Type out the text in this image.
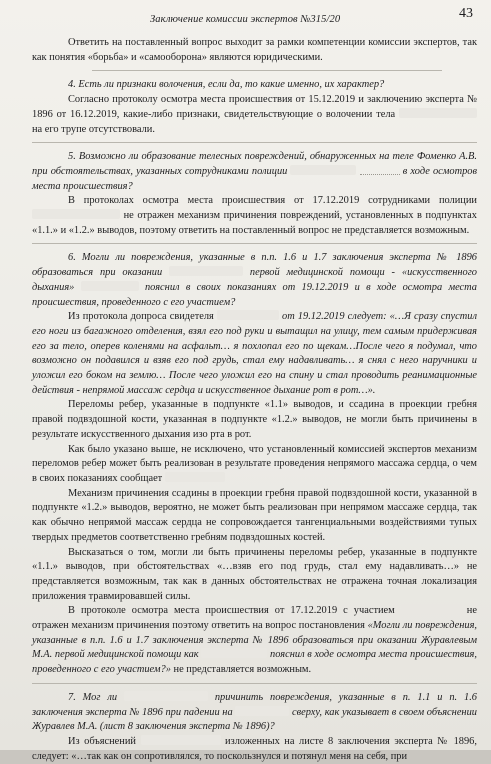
Заключение комиссии экспертов №315/20	43

Ответить на поставленный вопрос выходит за рамки компетенции комиссии экспертов, так как понятия «борьба» и «самооборона» являются юридическими.

4. Есть ли признаки волочения, если да, то какие именно, их характер?

Согласно протоколу осмотра места происшествия от 15.12.2019 и заключению эксперта № 1896 от 16.12.2019, какие-либо признаки, свидетельствующие о волочении тела  на его трупе отсутствовали.

5. Возможно ли образование телесных повреждений, обнаруженных на теле Фоменко А.В. при обстоятельствах, указанных сотрудниками полиции	в ходе осмотров места происшествия?

В протоколах осмотра места происшествия от 17.12.2019 сотрудниками полиции  не отражен механизм причинения повреждений, установленных в подпунктах «1.1.» и «1.2.» выводов, поэтому ответить на поставленный вопрос не представляется возможным.

6. Могли ли повреждения, указанные в п.п. 1.6 и 1.7 заключения эксперта № 1896 образоваться при оказании	первой медицинской помощи - «искусственного дыхания»	пояснил в своих показаниях от 19.12.2019 и в ходе осмотра места происшествия, проведенного с его участием?

Из протокола допроса свидетеля	от 19.12.2019 следует: «…Я сразу спустил его ноги из багажного отделения, взял его под руки и вытащил на улицу, тем самым придерживая его за тело, оперев коленями на асфальт… я похлопал его по щекам…После чего я подумал, что возможно он подавился и взяв его под грудь, стал ему надавливать… я снял с него наручники и уложил его боком на землю… После чего уложил его на спину и стал проводить реанимационные действия - непрямой массаж сердца и искусственное дыхание рот в рот…».

Переломы ребер, указанные в подпункте «1.1» выводов, и ссадина в проекции гребня правой подвздошной кости, указанная в подпункте «1.2.» выводов, не могли быть причинены в результате искусственного дыхания изо рта в рот.

Как было указано выше, не исключено, что установленный комиссией экспертов механизм переломов ребер может быть реализован в результате проведения непрямого массажа сердца, о чем в своих показаниях сообщает

Механизм причинения ссадины в проекции гребня правой подвздошной кости, указанной в подпункте «1.2.» выводов, вероятно, не может быть реализован при непрямом массаже сердца, так как обычно непрямой массаж сердца не сопровождается тангенциальными воздействиями тупых твердых предметов соответственно гребням подвздошных костей.

Высказаться о том, могли ли быть причинены переломы ребер, указанные в подпункте «1.1.» выводов, при обстоятельствах «…взяв его под грудь, стал ему надавливать…» не представляется возможным, так как в данных обстоятельствах не отражена точная локализация приложения травмировавшей силы.

В протоколе осмотра места происшествия от 17.12.2019 с участием	не отражен механизм причинения поэтому ответить на вопрос постановления «Могли ли повреждения, указанные в п.п. 1.6 и 1.7 заключения эксперта № 1896 образоваться при оказании Журавлевым М.А. первой медицинской помощи как	пояснил в ходе осмотра места происшествия, проведенного с его участием?» не представляется возможным.

7. Мог ли	причинить повреждения, указанные в п. 1.1 и п. 1.6 заключения эксперта № 1896 при падении на	сверху, как указывает в своем объяснении Журавлев М.А. (лист 8 заключения эксперта № 1896)?

Из объяснений	изложенных на листе 8 заключения эксперта № 1896, следует: «…так как он сопротивлялся, то поскользнулся и потянул меня на себя, при
